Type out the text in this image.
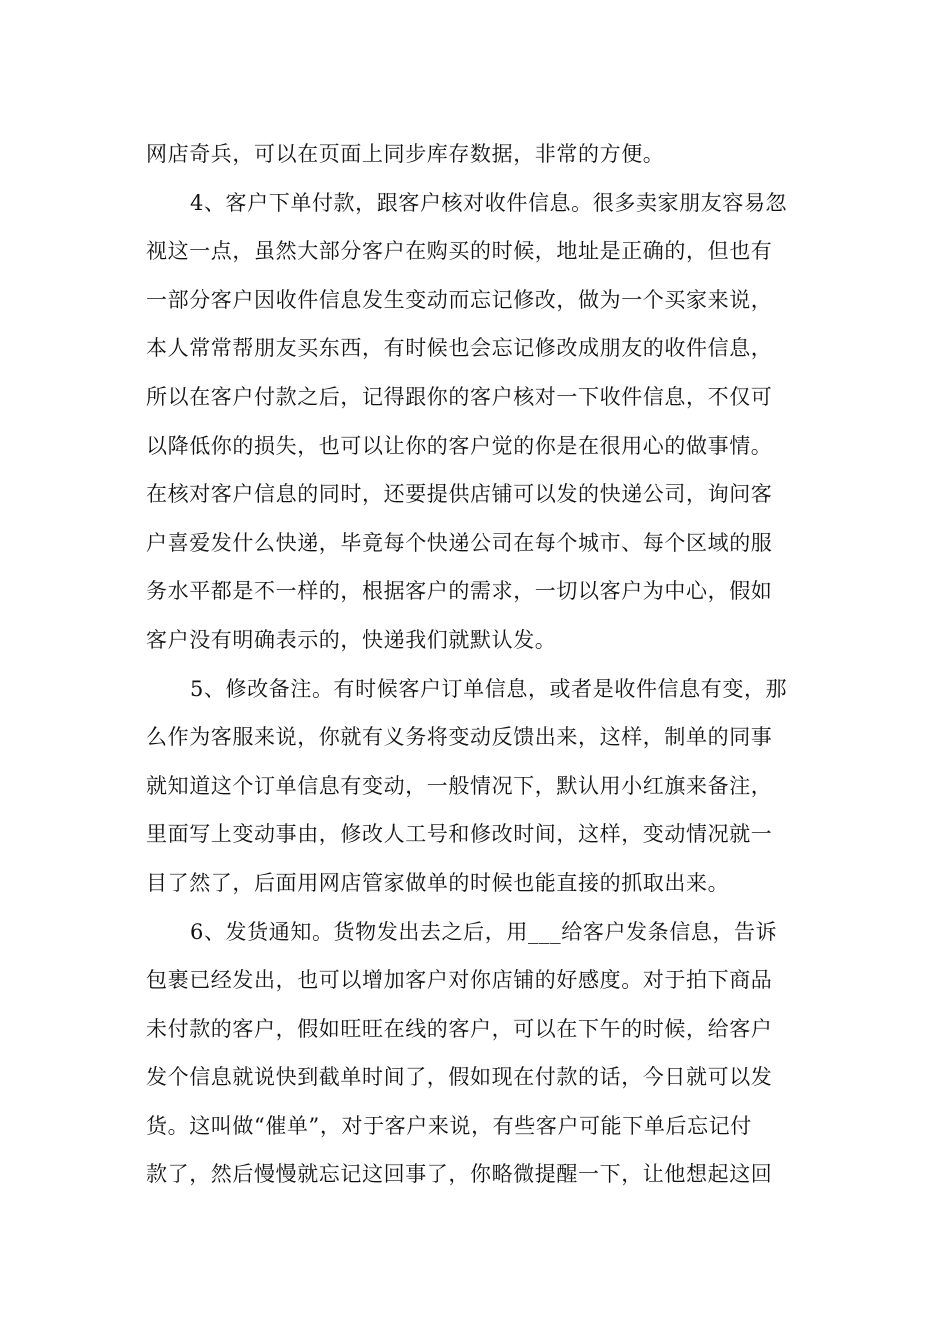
网店奇兵，可以在页面上同步库存数据，非常的方便。
4、客户下单付款，跟客户核对收件信息。很多卖家朋友容易忽
视这一点，虽然大部分客户在购买的时候，地址是正确的，但也有
一部分客户因收件信息发生变动而忘记修改，做为一个买家来说，
本人常常帮朋友买东西，有时候也会忘记修改成朋友的收件信息，
所以在客户付款之后，记得跟你的客户核对一下收件信息，不仅可
以降低你的损失，也可以让你的客户觉的你是在很用心的做事情。
在核对客户信息的同时，还要提供店铺可以发的快递公司，询问客
户喜爱发什么快递，毕竟每个快递公司在每个城市、每个区域的服
务水平都是不一样的，根据客户的需求，一切以客户为中心，假如
客户没有明确表示的，快递我们就默认发。
5、修改备注。有时候客户订单信息，或者是收件信息有变，那
么作为客服来说，你就有义务将变动反馈出来，这样，制单的同事
就知道这个订单信息有变动，一般情况下，默认用小红旗来备注，
里面写上变动事由，修改人工号和修改时间，这样，变动情况就一
目了然了，后面用网店管家做单的时候也能直接的抓取出来。
6、发货通知。货物发出去之后，用___给客户发条信息，告诉
包裹已经发出，也可以增加客户对你店铺的好感度。对于拍下商品
未付款的客户，假如旺旺在线的客户，可以在下午的时候，给客户
发个信息就说快到截单时间了，假如现在付款的话，今日就可以发
货。这叫做“催单”，对于客户来说，有些客户可能下单后忘记付
款了，然后慢慢就忘记这回事了，你略微提醒一下，让他想起这回
